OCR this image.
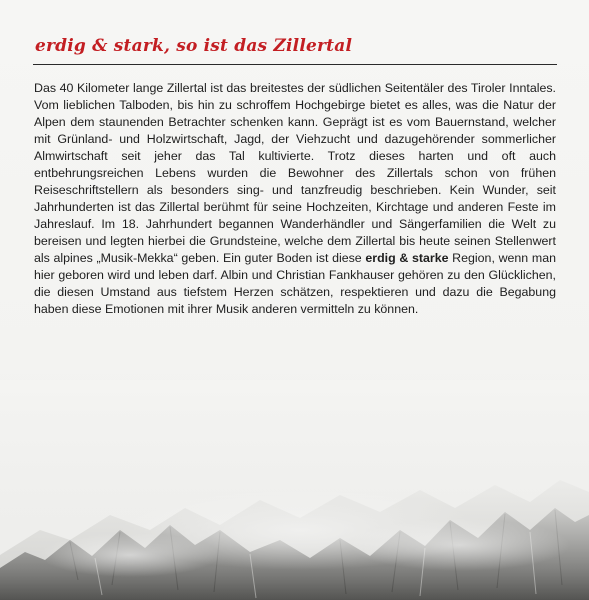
erdig & stark, so ist das Zillertal

Das 40 Kilometer lange Zillertal ist das breitestes der südlichen Seitentäler des Tiroler Inntales. Vom lieblichen Talboden, bis hin zu schroffem Hochgebirge bietet es alles, was die Natur der Alpen dem staunenden Betrachter schenken kann. Geprägt ist es vom Bauernstand, welcher mit Grünland- und Holzwirtschaft, Jagd, der Viehzucht und dazugehörender sommerlicher Almwirtschaft seit jeher das Tal kultivierte. Trotz dieses harten und oft auch entbehrungsreichen Lebens wurden die Bewohner des Zillertals schon von frühen Reiseschriftstellern als besonders sing- und tanzfreudig beschrieben. Kein Wunder, seit Jahrhunderten ist das Zillertal berühmt für seine Hochzeiten, Kirchtage und anderen Feste im Jahreslauf. Im 18. Jahrhundert begannen Wanderhändler und Sängerfamilien die Welt zu bereisen und legten hierbei die Grundsteine, welche dem Zillertal bis heute seinen Stellenwert als alpines „Musik-Mekka“ geben. Ein guter Boden ist diese erdig & starke Region, wenn man hier geboren wird und leben darf. Albin und Christian Fankhauser gehören zu den Glücklichen, die diesen Umstand aus tiefstem Herzen schätzen, respektieren und dazu die Begabung haben diese Emotionen mit ihrer Musik anderen vermitteln zu können.
